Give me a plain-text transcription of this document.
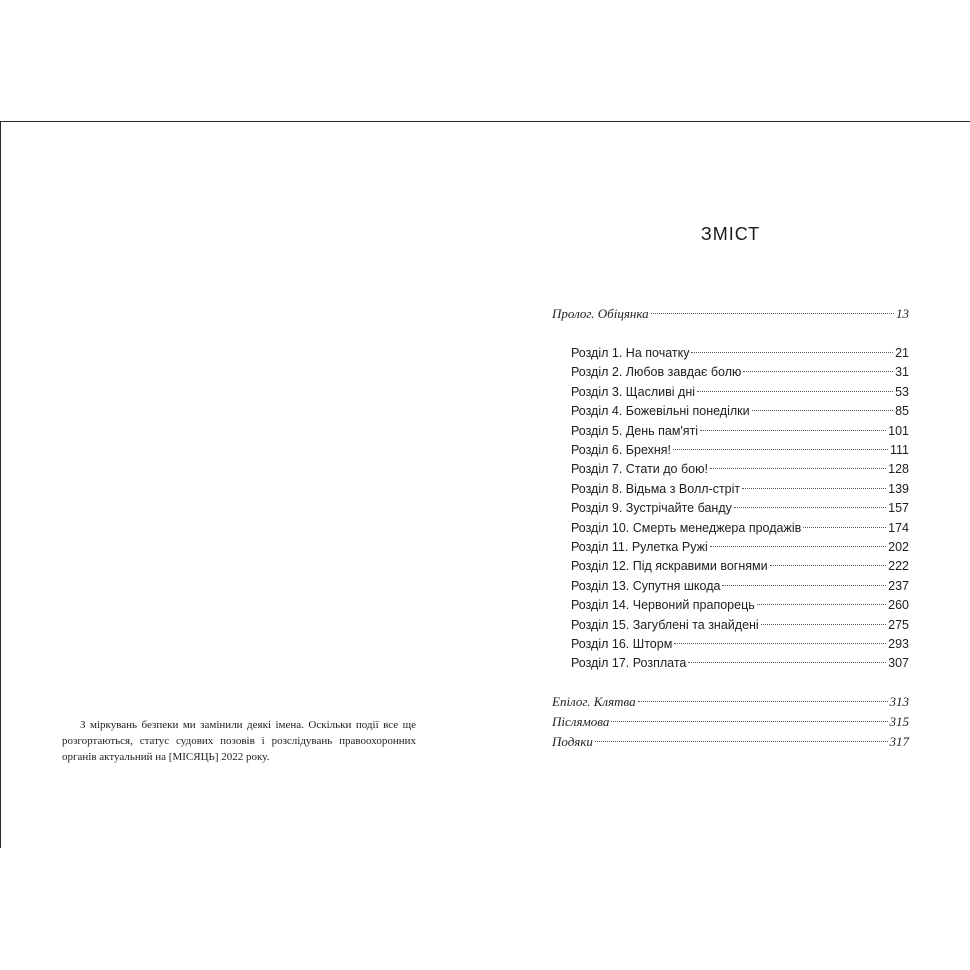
З міркувань безпеки ми замінили деякі імена. Оскільки події все ще розгортаються, статус судових позовів і розслідувань правоохоронних органів актуальний на [МІСЯЦЬ] 2022 року.

ЗМІСТ
Пролог. Обіцянка	13
Розділ 1. На початку	21
Розділ 2. Любов завдає болю	31
Розділ 3. Щасливі дні	53
Розділ 4. Божевільні понеділки	85
Розділ 5. День пам'яті	101
Розділ 6. Брехня!	111
Розділ 7. Стати до бою!	128
Розділ 8. Відьма з Волл-стріт	139
Розділ 9. Зустрічайте банду	157
Розділ 10. Смерть менеджера продажів	174
Розділ 11. Рулетка Ружі	202
Розділ 12. Під яскравими вогнями	222
Розділ 13. Супутня шкода	237
Розділ 14. Червоний прапорець	260
Розділ 15. Загублені та знайдені	275
Розділ 16. Шторм	293
Розділ 17. Розплата	307
Епілог. Клятва	313
Післямова	315
Подяки	317
